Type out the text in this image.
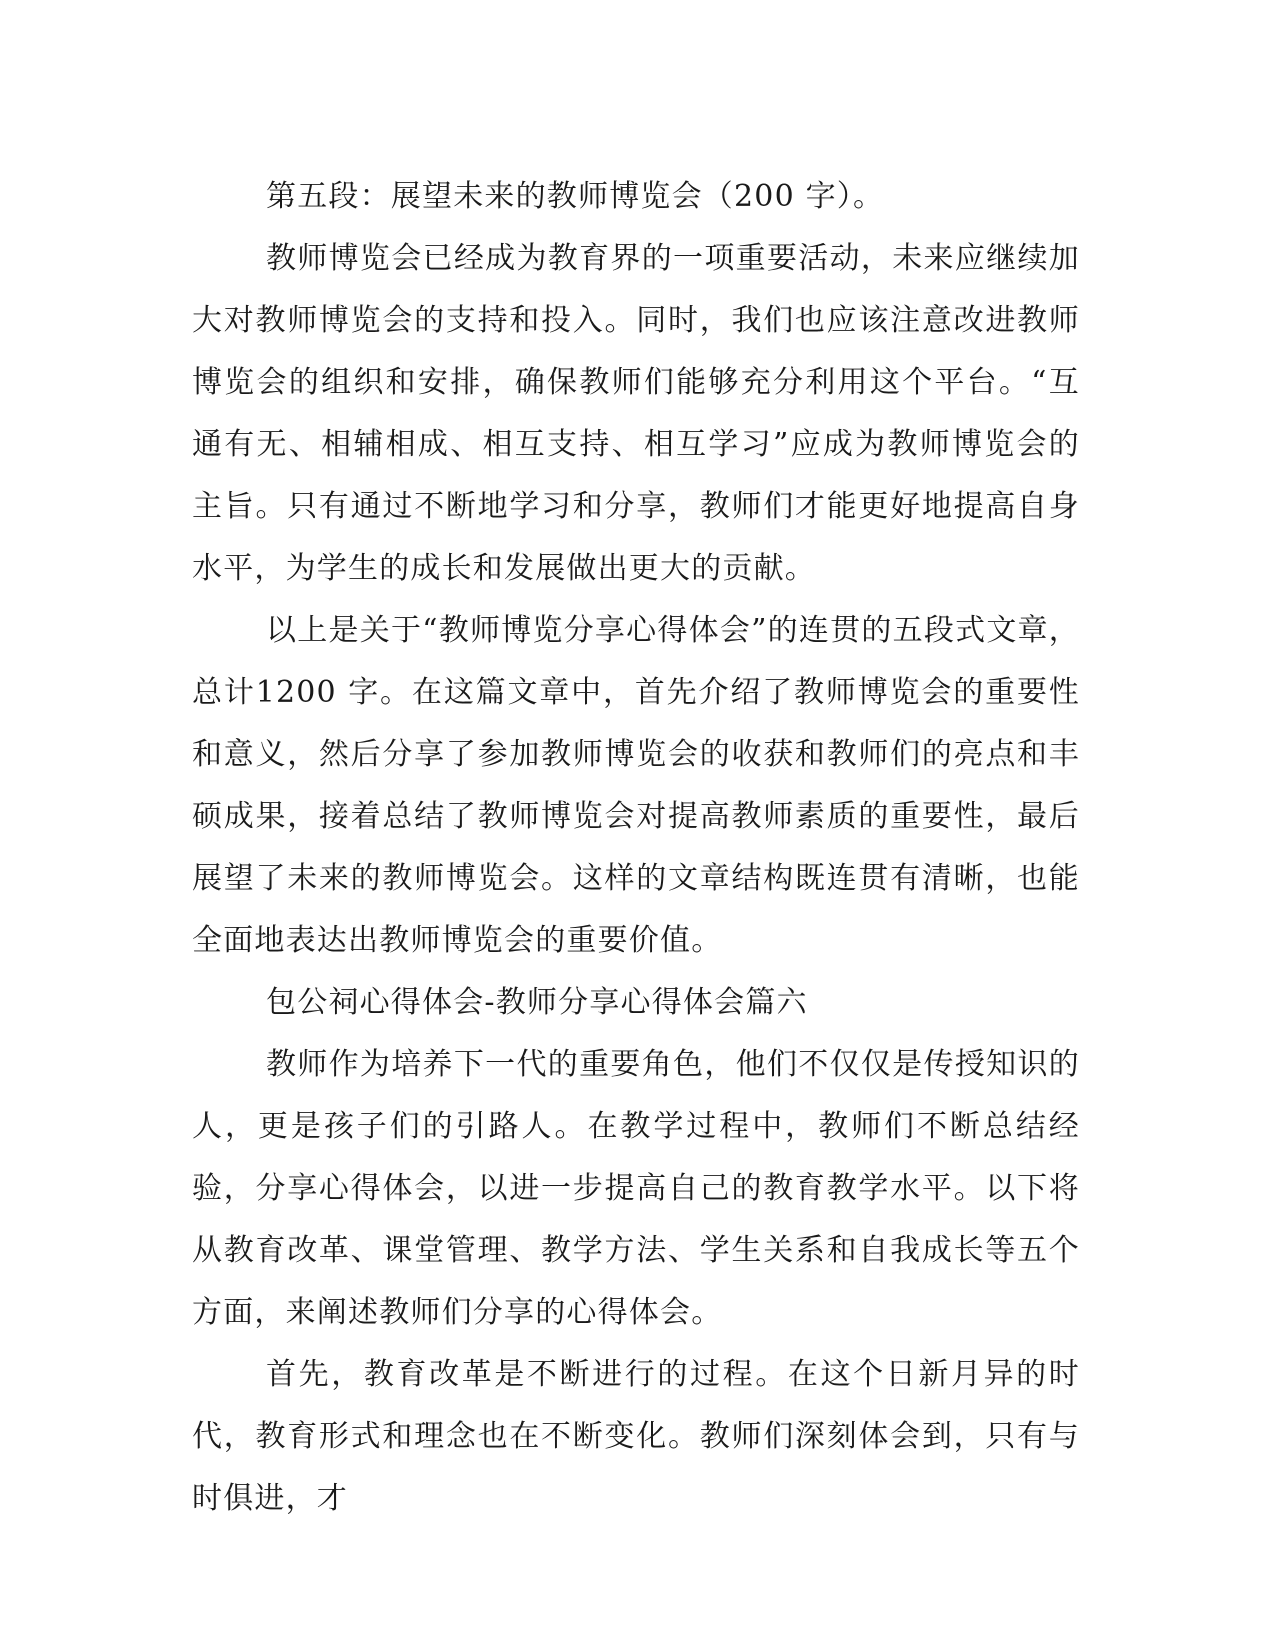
第五段：展望未来的教师博览会（200 字）。

教师博览会已经成为教育界的一项重要活动，未来应继续加大对教师博览会的支持和投入。同时，我们也应该注意改进教师博览会的组织和安排，确保教师们能够充分利用这个平台。“互通有无、相辅相成、相互支持、相互学习”应成为教师博览会的主旨。只有通过不断地学习和分享，教师们才能更好地提高自身水平，为学生的成长和发展做出更大的贡献。

以上是关于“教师博览分享心得体会”的连贯的五段式文章，总计1200 字。在这篇文章中，首先介绍了教师博览会的重要性和意义，然后分享了参加教师博览会的收获和教师们的亮点和丰硕成果，接着总结了教师博览会对提高教师素质的重要性，最后展望了未来的教师博览会。这样的文章结构既连贯有清晰，也能全面地表达出教师博览会的重要价值。

包公祠心得体会-教师分享心得体会篇六

教师作为培养下一代的重要角色，他们不仅仅是传授知识的人，更是孩子们的引路人。在教学过程中，教师们不断总结经验，分享心得体会，以进一步提高自己的教育教学水平。以下将从教育改革、课堂管理、教学方法、学生关系和自我成长等五个方面，来阐述教师们分享的心得体会。

首先，教育改革是不断进行的过程。在这个日新月异的时代，教育形式和理念也在不断变化。教师们深刻体会到，只有与时俱进，才
